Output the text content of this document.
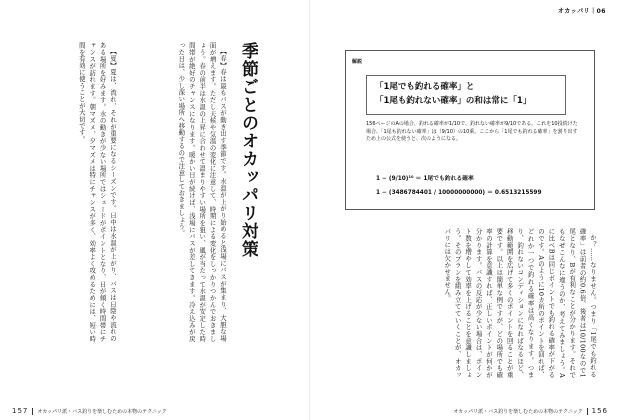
季節ごとのオカッパリ対策

【春】春は最もバスが動き出す季節です。水温が上がり始めると浅場にバスが集まり、大胆な場面が増えます。ただし天候や気温の変化に注意して、時期による変化をしっかりつかんでおきましょう。春の前半は水温の上昇に合わせて温まりやすい場所を狙い、風が当たって水温が安定した時間帯が絶好のチャンスになります。暖かい日が続けば、浅場にバスが差してきます。冷え込みが戻った日は、少し深い場所へ移動するので注意しておきましょう。

【夏】夏は、流れ、それが重要になるシーズンです。日中は水温が上がり、バスは日陰や流れのある場所を好みます。水の動きが少ない場所ではシェードがポイントとなり、日が傾く時間帯にチャンスが訪れます。朝マズメ、夕マズメは特にチャンスが多く、効率よく攻めるためには、短い時間を有効に使うことが大切です。

157 オカッパリ派・バス釣りを楽しむための本物のテクニック
オカッパリ｜06

か？……なりません。つまり「1尾でも釣れる確率」は前者の約0.6倍、後者は10/100なので1尾となり、Bが有利なことが分かります。それでもなぜこんなに違うのか、考えてみましょう。Aに比べBは同じポイントでも釣れる確率が下がるのです。Aのように10カ所のポイントを回れば、どれか一つで釣れる確率は高くなります。つまり、釣れないコンディションになればなるほど、移動範囲を広げて多くのポイントを回ることが重要です。以上は簡単な例ですが、どの場所でも確率の計算を意識すれば、正しいポイントが何かが分かります。バスの反応が少ない場合は、ポイント数を増やして効率を上げることを意識しましょう。そのプランを組み立てていくことが、オカッパリには欠かせません。

オカッパリ派・バス釣りを楽しむための本物のテクニック 156
解説
「1尾でも釣れる確率」と
「1尾も釣れない確率」の和は常に「1」
156ページのAの場合、釣れる確率が1/10で、釣れない確率が9/10である。これを10投続けた場合、「1尾も釣れない確率」は（9/10）の10乗。ここから「1尾でも釣れる確率」を割り出すため上の公式を使うと、次のようになる。
1 − (9/10)¹⁰ ＝ 1尾でも釣れる確率
1 − (3486784401 / 10000000000) ＝ 0.6513215599
